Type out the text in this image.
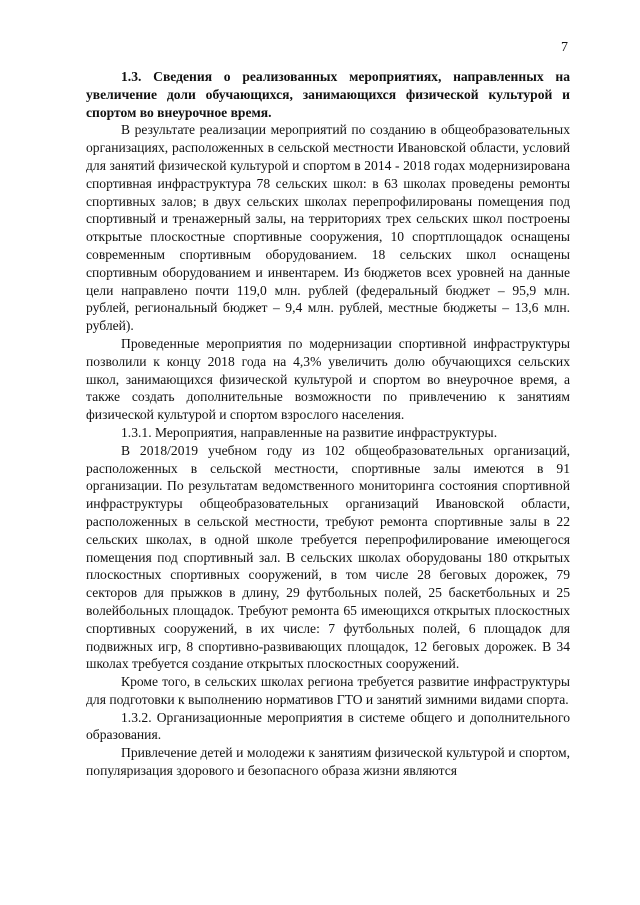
7

1.3. Сведения о реализованных мероприятиях, направленных на увеличение доли обучающихся, занимающихся физической культурой и спортом во внеурочное время.

В результате реализации мероприятий по созданию в общеобразовательных организациях, расположенных в сельской местности Ивановской области, условий для занятий физической культурой и спортом в 2014 - 2018 годах модернизирована спортивная инфраструктура 78 сельских школ: в 63 школах проведены ремонты спортивных залов; в двух сельских школах перепрофилированы помещения под спортивный и тренажерный залы, на территориях трех сельских школ построены открытые плоскостные спортивные сооружения, 10 спортплощадок оснащены современным спортивным оборудованием. 18 сельских школ оснащены спортивным оборудованием и инвентарем. Из бюджетов всех уровней на данные цели направлено почти 119,0 млн. рублей (федеральный бюджет – 95,9 млн. рублей, региональный бюджет – 9,4 млн. рублей, местные бюджеты – 13,6 млн. рублей).

Проведенные мероприятия по модернизации спортивной инфраструктуры позволили к концу 2018 года на 4,3% увеличить долю обучающихся сельских школ, занимающихся физической культурой и спортом во внеурочное время, а также создать дополнительные возможности по привлечению к занятиям физической культурой и спортом взрослого населения.

1.3.1. Мероприятия, направленные на развитие инфраструктуры.

В 2018/2019 учебном году из 102 общеобразовательных организаций, расположенных в сельской местности, спортивные залы имеются в 91 организации. По результатам ведомственного мониторинга состояния спортивной инфраструктуры общеобразовательных организаций Ивановской области, расположенных в сельской местности, требуют ремонта спортивные залы в 22 сельских школах, в одной школе требуется перепрофилирование имеющегося помещения под спортивный зал. В сельских школах оборудованы 180 открытых плоскостных спортивных сооружений, в том числе 28 беговых дорожек, 79 секторов для прыжков в длину, 29 футбольных полей, 25 баскетбольных и 25 волейбольных площадок. Требуют ремонта 65 имеющихся открытых плоскостных спортивных сооружений, в их числе: 7 футбольных полей, 6 площадок для подвижных игр, 8 спортивно-развивающих площадок, 12 беговых дорожек. В 34 школах требуется создание открытых плоскостных сооружений.

Кроме того, в сельских школах региона требуется развитие инфраструктуры для подготовки к выполнению нормативов ГТО и занятий зимними видами спорта.

1.3.2. Организационные мероприятия в системе общего и дополнительного образования.

Привлечение детей и молодежи к занятиям физической культурой и спортом, популяризация здорового и безопасного образа жизни являются
